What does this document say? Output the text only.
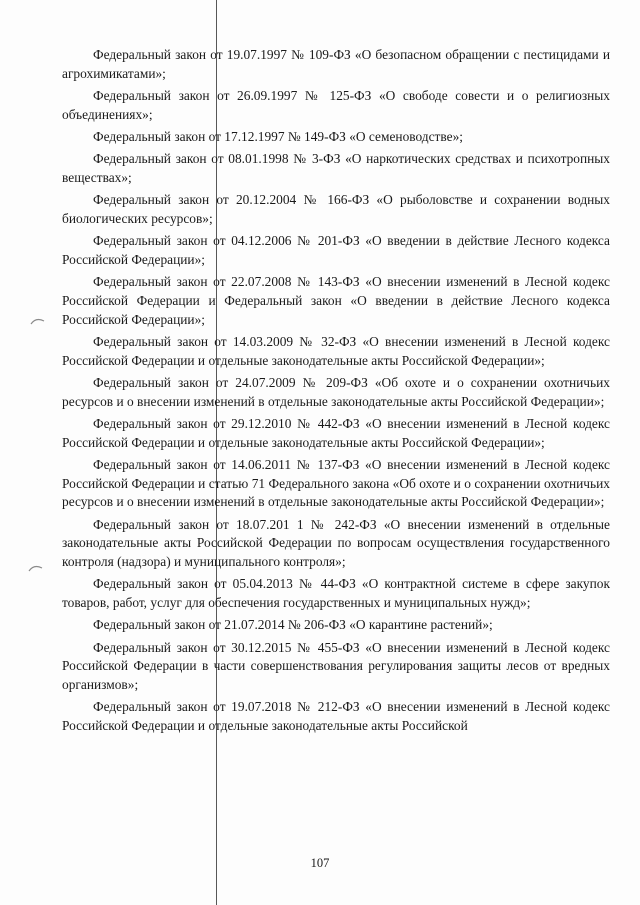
Федеральный закон от 19.07.1997 № 109-ФЗ «О безопасном обращении с пестицидами и агрохимикатами»;

Федеральный закон от 26.09.1997 № 125-ФЗ «О свободе совести и о религиозных объединениях»;

Федеральный закон от 17.12.1997 № 149-ФЗ «О семеноводстве»;

Федеральный закон от 08.01.1998 № 3-ФЗ «О наркотических средствах и психотропных веществах»;

Федеральный закон от 20.12.2004 № 166-ФЗ «О рыболовстве и сохранении водных биологических ресурсов»;

Федеральный закон от 04.12.2006 № 201-ФЗ «О введении в действие Лесного кодекса Российской Федерации»;

Федеральный закон от 22.07.2008 № 143-ФЗ «О внесении изменений в Лесной кодекс Российской Федерации и Федеральный закон «О введении в действие Лесного кодекса Российской Федерации»;

Федеральный закон от 14.03.2009 № 32-ФЗ «О внесении изменений в Лесной кодекс Российской Федерации и отдельные законодательные акты Российской Федерации»;

Федеральный закон от 24.07.2009 № 209-ФЗ «Об охоте и о сохранении охотничьих ресурсов и о внесении изменений в отдельные законодательные акты Российской Федерации»;

Федеральный закон от 29.12.2010 № 442-ФЗ «О внесении изменений в Лесной кодекс Российской Федерации и отдельные законодательные акты Российской Федерации»;

Федеральный закон от 14.06.2011 № 137-ФЗ «О внесении изменений в Лесной кодекс Российской Федерации и статью 71 Федерального закона «Об охоте и о сохранении охотничьих ресурсов и о внесении изменений в отдельные законодательные акты Российской Федерации»;

Федеральный закон от 18.07.201 1 № 242-ФЗ «О внесении изменений в отдельные законодательные акты Российской Федерации по вопросам осуществления государственного контроля (надзора) и муниципального контроля»;

Федеральный закон от 05.04.2013 № 44-ФЗ «О контрактной системе в сфере закупок товаров, работ, услуг для обеспечения государственных и муниципальных нужд»;

Федеральный закон от 21.07.2014 № 206-ФЗ «О карантине растений»;

Федеральный закон от 30.12.2015 № 455-ФЗ «О внесении изменений в Лесной кодекс Российской Федерации в части совершенствования регулирования защиты лесов от вредных организмов»;

Федеральный закон от 19.07.2018 № 212-ФЗ «О внесении изменений в Лесной кодекс Российской Федерации и отдельные законодательные акты Российской

107
